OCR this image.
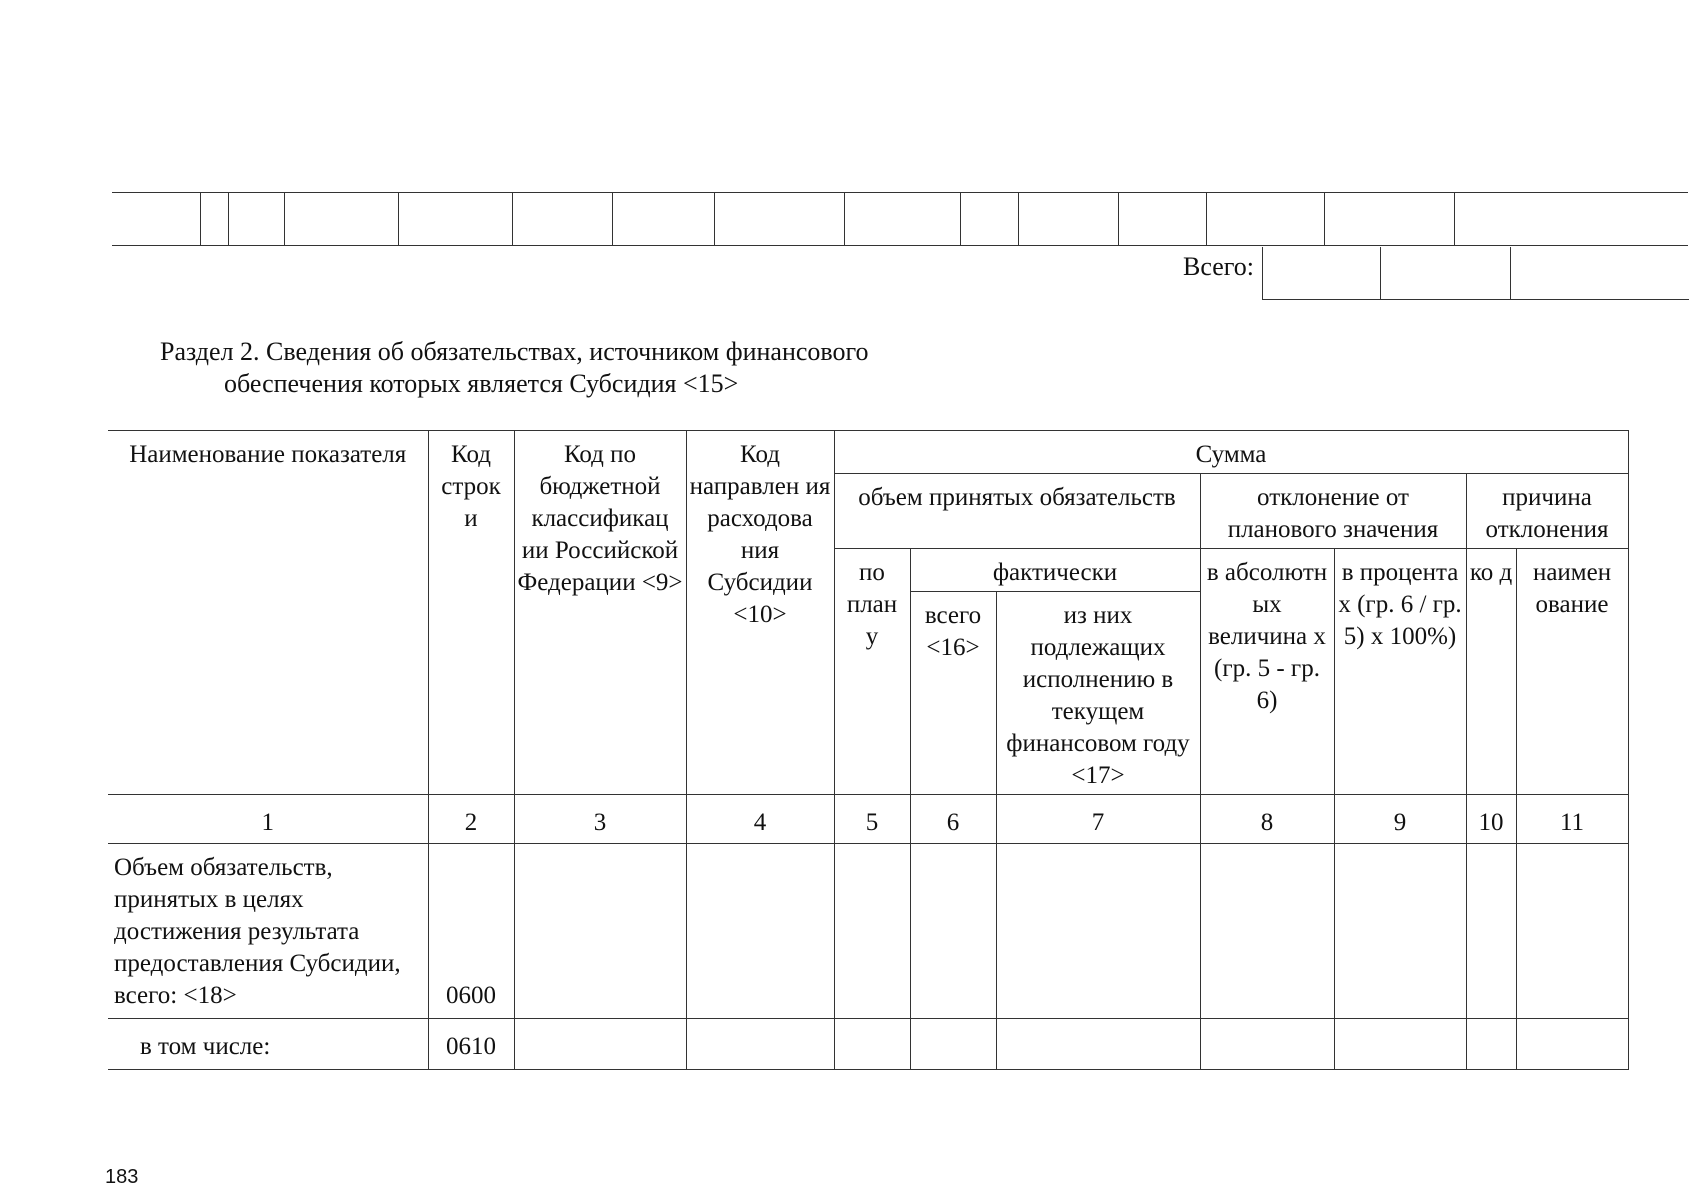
Всего:

Раздел 2. Сведения об обязательствах, источником финансового
обеспечения которых является Субсидия <15>
Наименование показателя	Код строк и	Код по бюджетной классификац ии Российской Федерации <9>	Код направлен ия расходова ния Субсидии <10>	Сумма						
				объем принятых обязательств			отклонение от планового значения		причина отклонения	
				по план у	фактически		в абсолютн ых величина х (гр. 5 - гр. 6)	в процента х (гр. 6 / гр. 5) х 100%)	ко д	наимен ование
					всего <16>	из них подлежащих исполнению в текущем финансовом году <17>				
1	2	3	4	5	6	7	8	9	10	11
Объем обязательств, принятых в целях достижения результата предоставления Субсидии, всего: <18>	0600									
в том числе:	0610									
183
